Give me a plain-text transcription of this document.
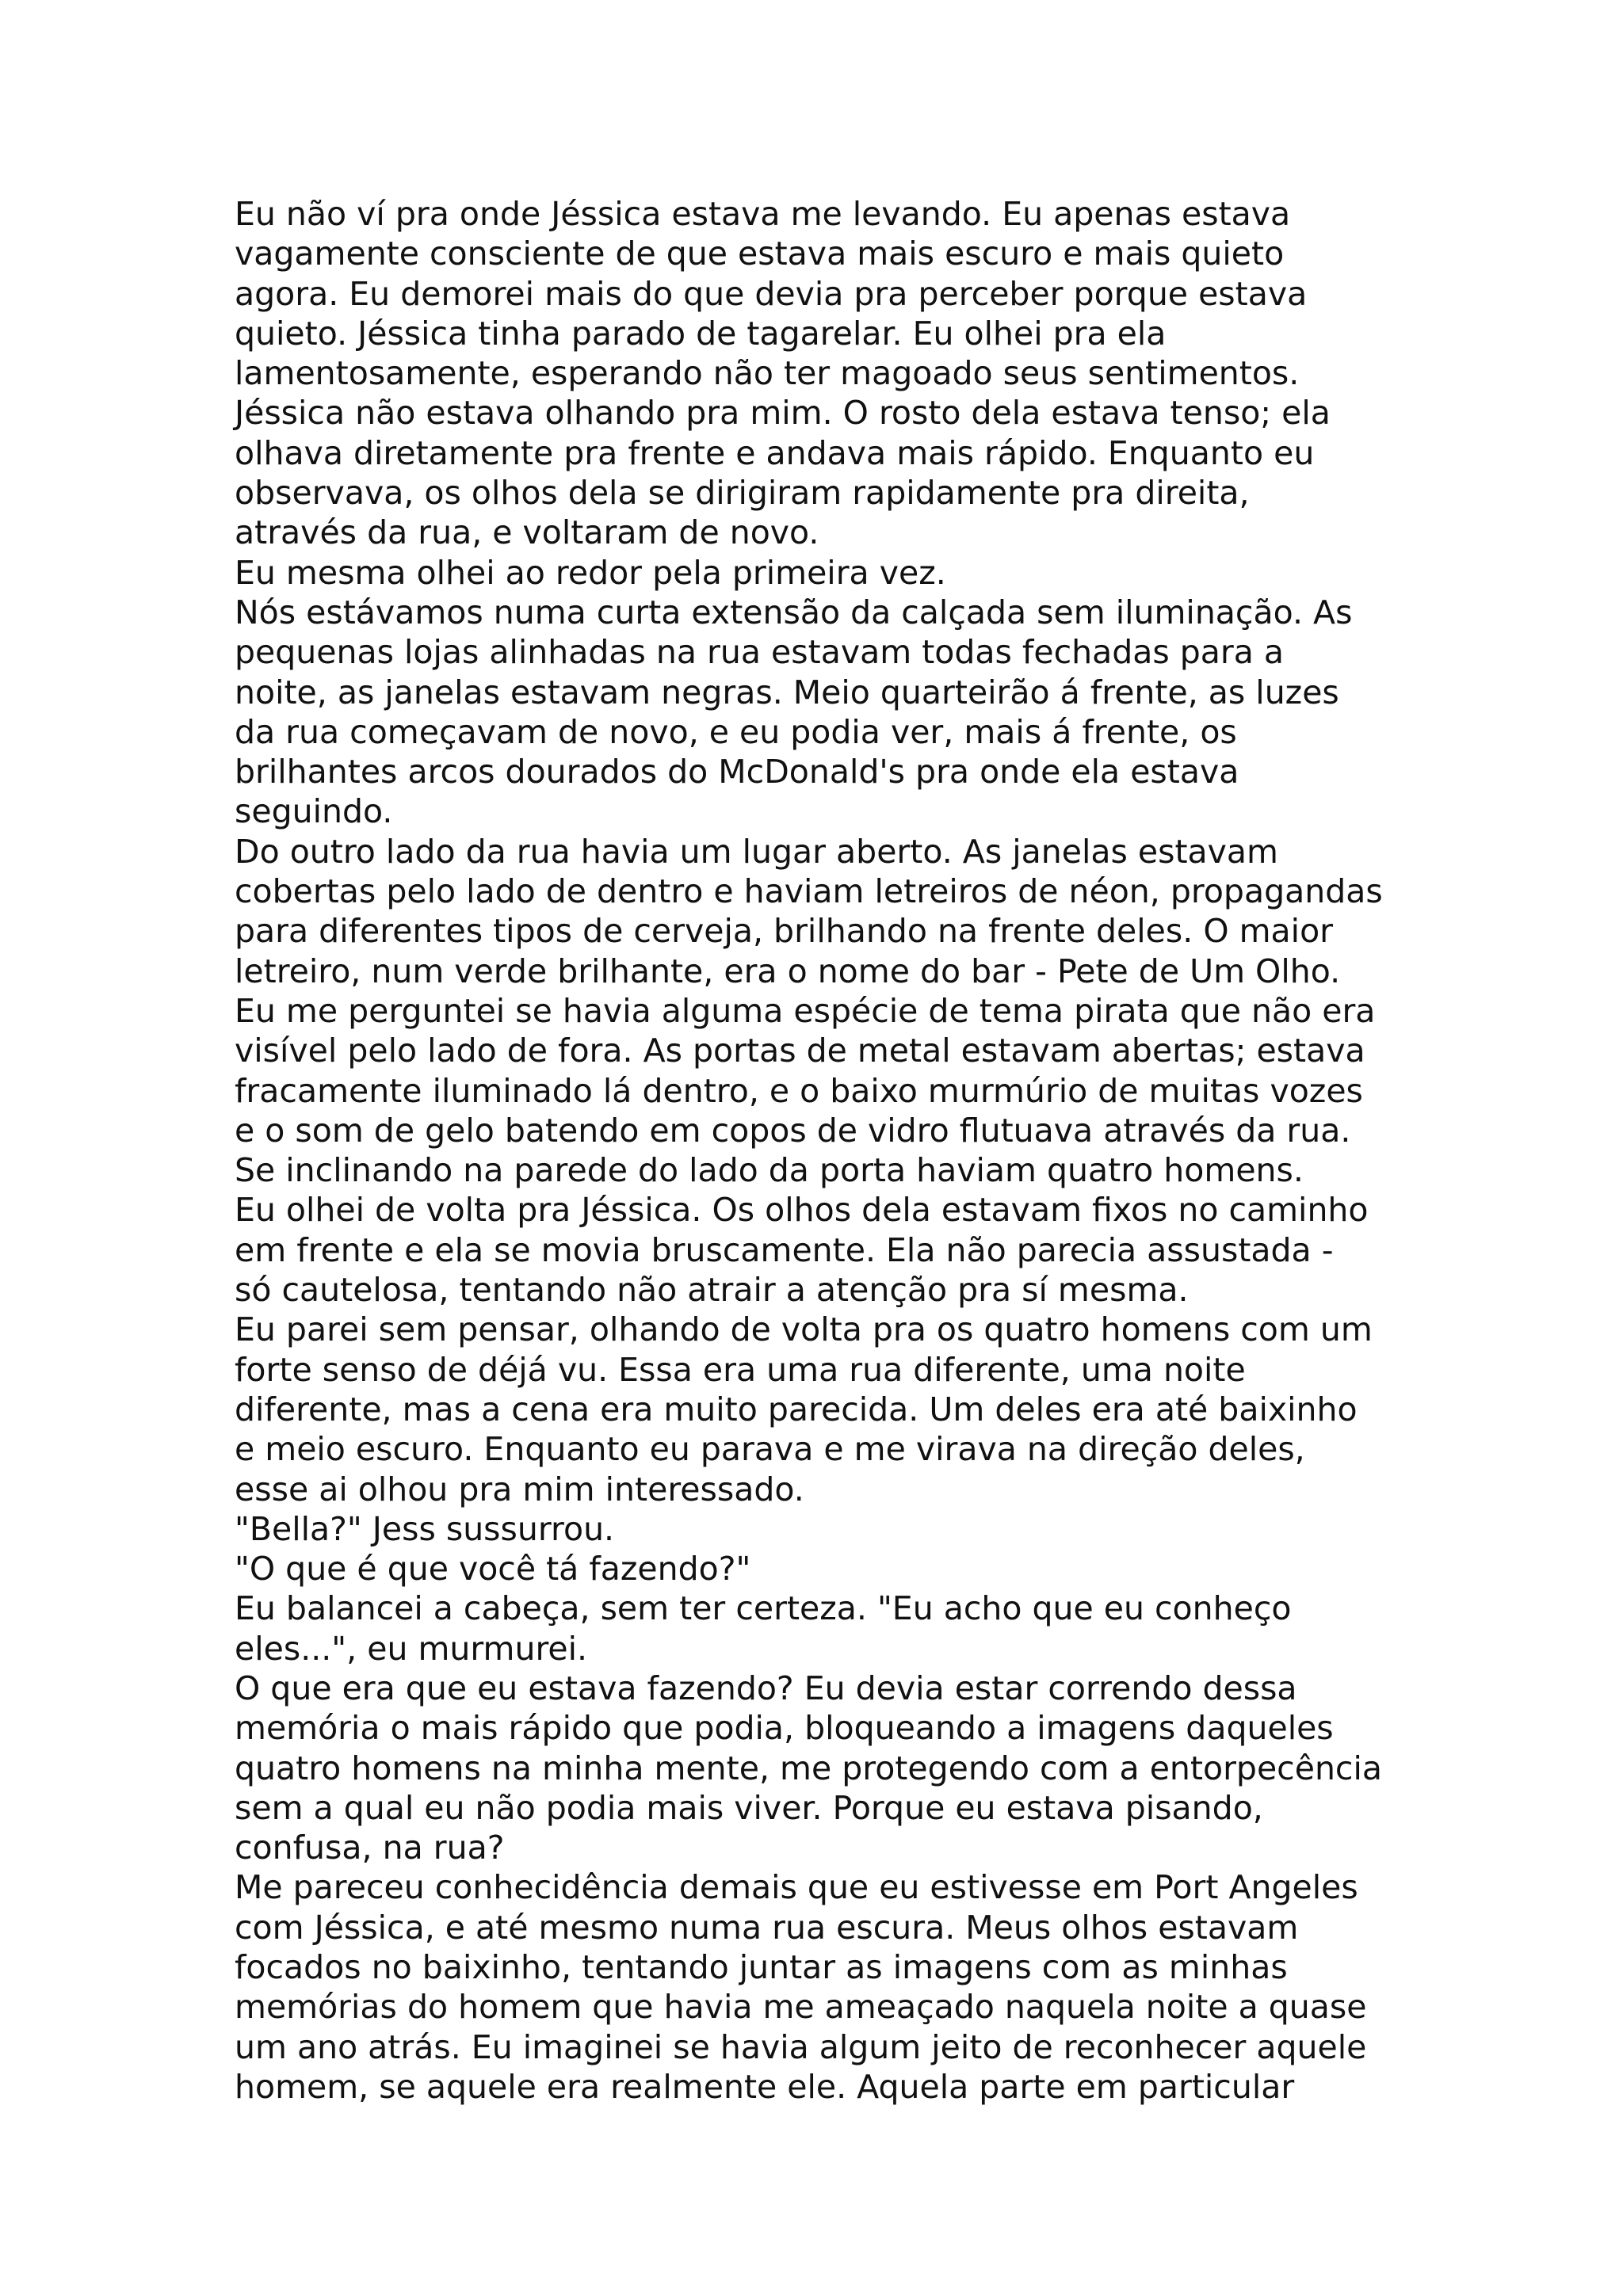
Eu não ví pra onde Jéssica estava me levando. Eu apenas estava
vagamente consciente de que estava mais escuro e mais quieto
agora. Eu demorei mais do que devia pra perceber porque estava
quieto. Jéssica tinha parado de tagarelar. Eu olhei pra ela
lamentosamente, esperando não ter magoado seus sentimentos.
Jéssica não estava olhando pra mim. O rosto dela estava tenso; ela
olhava diretamente pra frente e andava mais rápido. Enquanto eu
observava, os olhos dela se dirigiram rapidamente pra direita,
através da rua, e voltaram de novo.
Eu mesma olhei ao redor pela primeira vez.
Nós estávamos numa curta extensão da calçada sem iluminação. As
pequenas lojas alinhadas na rua estavam todas fechadas para a
noite, as janelas estavam negras. Meio quarteirão á frente, as luzes
da rua começavam de novo, e eu podia ver, mais á frente, os
brilhantes arcos dourados do McDonald's pra onde ela estava
seguindo.
Do outro lado da rua havia um lugar aberto. As janelas estavam
cobertas pelo lado de dentro e haviam letreiros de néon, propagandas
para diferentes tipos de cerveja, brilhando na frente deles. O maior
letreiro, num verde brilhante, era o nome do bar - Pete de Um Olho.
Eu me perguntei se havia alguma espécie de tema pirata que não era
visível pelo lado de fora. As portas de metal estavam abertas; estava
fracamente iluminado lá dentro, e o baixo murmúrio de muitas vozes
e o som de gelo batendo em copos de vidro flutuava através da rua.
Se inclinando na parede do lado da porta haviam quatro homens.
Eu olhei de volta pra Jéssica. Os olhos dela estavam fixos no caminho
em frente e ela se movia bruscamente. Ela não parecia assustada -
só cautelosa, tentando não atrair a atenção pra sí mesma.
Eu parei sem pensar, olhando de volta pra os quatro homens com um
forte senso de déjá vu. Essa era uma rua diferente, uma noite
diferente, mas a cena era muito parecida. Um deles era até baixinho
e meio escuro. Enquanto eu parava e me virava na direção deles,
esse ai olhou pra mim interessado.
"Bella?" Jess sussurrou.
"O que é que você tá fazendo?"
Eu balancei a cabeça, sem ter certeza. "Eu acho que eu conheço
eles...", eu murmurei.
O que era que eu estava fazendo? Eu devia estar correndo dessa
memória o mais rápido que podia, bloqueando a imagens daqueles
quatro homens na minha mente, me protegendo com a entorpecência
sem a qual eu não podia mais viver. Porque eu estava pisando,
confusa, na rua?
Me pareceu conhecidência demais que eu estivesse em Port Angeles
com Jéssica, e até mesmo numa rua escura. Meus olhos estavam
focados no baixinho, tentando juntar as imagens com as minhas
memórias do homem que havia me ameaçado naquela noite a quase
um ano atrás. Eu imaginei se havia algum jeito de reconhecer aquele
homem, se aquele era realmente ele. Aquela parte em particular
